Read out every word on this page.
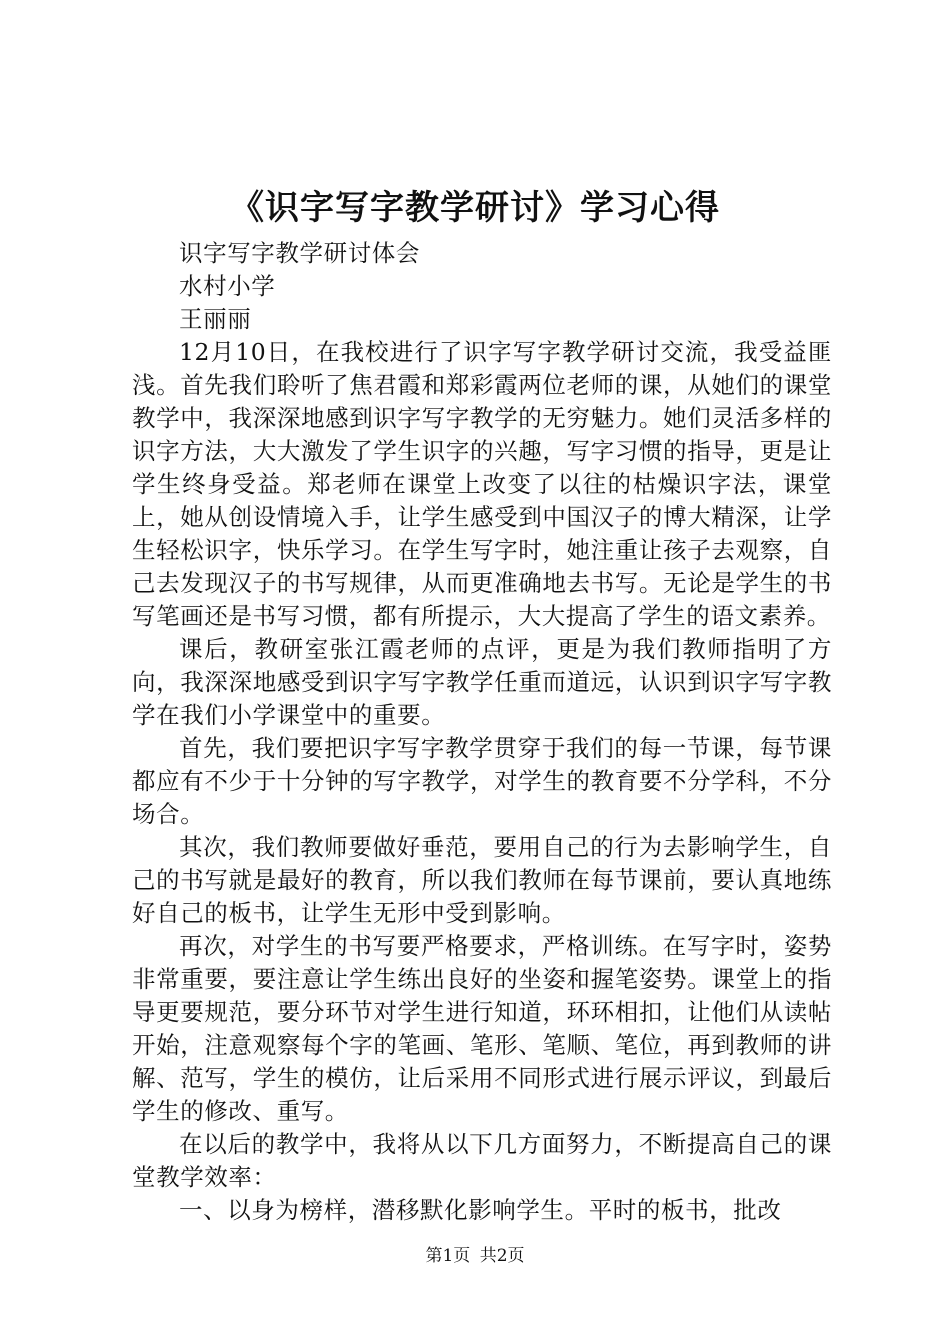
《识字写字教学研讨》学习心得

识字写字教学研讨体会

水村小学

王丽丽

12月10日，在我校进行了识字写字教学研讨交流，我受益匪浅。首先我们聆听了焦君霞和郑彩霞两位老师的课，从她们的课堂教学中，我深深地感到识字写字教学的无穷魅力。她们灵活多样的识字方法，大大激发了学生识字的兴趣，写字习惯的指导，更是让学生终身受益。郑老师在课堂上改变了以往的枯燥识字法，课堂上，她从创设情境入手，让学生感受到中国汉子的博大精深，让学生轻松识字，快乐学习。在学生写字时，她注重让孩子去观察，自己去发现汉子的书写规律，从而更准确地去书写。无论是学生的书写笔画还是书写习惯，都有所提示，大大提高了学生的语文素养。

课后，教研室张江霞老师的点评，更是为我们教师指明了方向，我深深地感受到识字写字教学任重而道远，认识到识字写字教学在我们小学课堂中的重要。

首先，我们要把识字写字教学贯穿于我们的每一节课，每节课都应有不少于十分钟的写字教学，对学生的教育要不分学科，不分场合。

其次，我们教师要做好垂范，要用自己的行为去影响学生，自己的书写就是最好的教育，所以我们教师在每节课前，要认真地练好自己的板书，让学生无形中受到影响。

再次，对学生的书写要严格要求，严格训练。在写字时，姿势非常重要，要注意让学生练出良好的坐姿和握笔姿势。课堂上的指导更要规范，要分环节对学生进行知道，环环相扣，让他们从读帖开始，注意观察每个字的笔画、笔形、笔顺、笔位，再到教师的讲解、范写，学生的模仿，让后采用不同形式进行展示评议，到最后学生的修改、重写。

在以后的教学中，我将从以下几方面努力，不断提高自己的课堂教学效率：

一、以身为榜样，潜移默化影响学生。平时的板书，批改

第1页 共2页
